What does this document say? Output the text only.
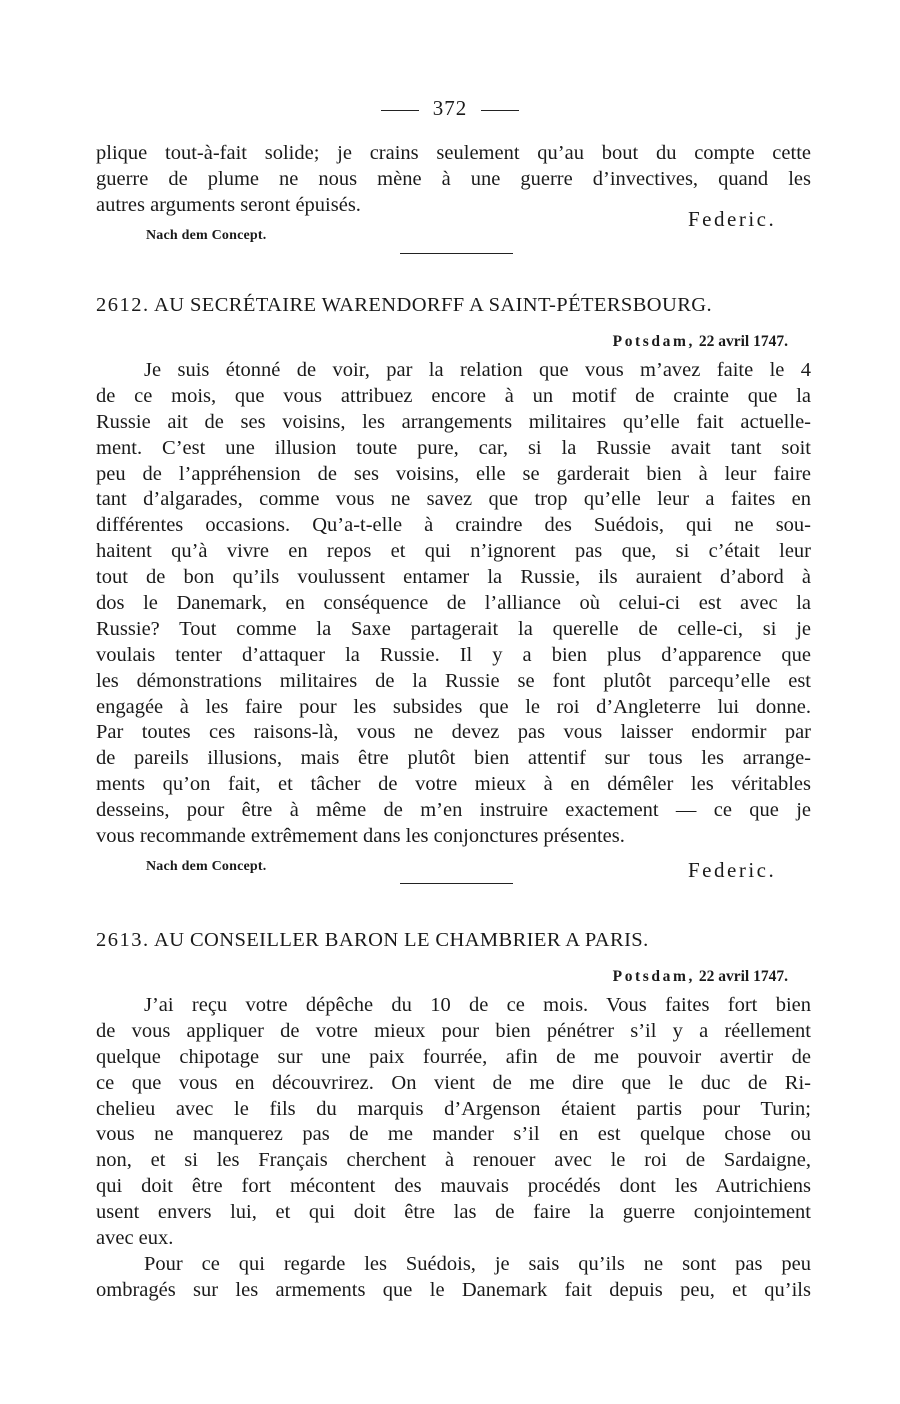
372
plique tout-à-fait solide; je crains seulement qu’au bout du compte cette
guerre de plume ne nous mène à une guerre d’invectives, quand les
autres arguments seront épuisés.
Federic.
Nach dem Concept.
2612. AU SECRÉTAIRE WARENDORFF A SAINT-PÉTERSBOURG.
Potsdam, 22 avril 1747.
Je suis étonné de voir, par la relation que vous m’avez faite le 4
de ce mois, que vous attribuez encore à un motif de crainte que la
Russie ait de ses voisins, les arrangements militaires qu’elle fait actuelle-
ment. C’est une illusion toute pure, car, si la Russie avait tant soit
peu de l’appréhension de ses voisins, elle se garderait bien à leur faire
tant d’algarades, comme vous ne savez que trop qu’elle leur a faites en
différentes occasions. Qu’a-t-elle à craindre des Suédois, qui ne sou-
haitent qu’à vivre en repos et qui n’ignorent pas que, si c’était leur
tout de bon qu’ils voulussent entamer la Russie, ils auraient d’abord à
dos le Danemark, en conséquence de l’alliance où celui-ci est avec la
Russie? Tout comme la Saxe partagerait la querelle de celle-ci, si je
voulais tenter d’attaquer la Russie. Il y a bien plus d’apparence que
les démonstrations militaires de la Russie se font plutôt parcequ’elle est
engagée à les faire pour les subsides que le roi d’Angleterre lui donne.
Par toutes ces raisons-là, vous ne devez pas vous laisser endormir par
de pareils illusions, mais être plutôt bien attentif sur tous les arrange-
ments qu’on fait, et tâcher de votre mieux à en démêler les véritables
desseins, pour être à même de m’en instruire exactement — ce que je
vous recommande extrêmement dans les conjonctures présentes.
Nach dem Concept.	Federic.
2613. AU CONSEILLER BARON LE CHAMBRIER A PARIS.
Potsdam, 22 avril 1747.
J’ai reçu votre dépêche du 10 de ce mois. Vous faites fort bien
de vous appliquer de votre mieux pour bien pénétrer s’il y a réellement
quelque chipotage sur une paix fourrée, afin de me pouvoir avertir de
ce que vous en découvrirez. On vient de me dire que le duc de Ri-
chelieu avec le fils du marquis d’Argenson étaient partis pour Turin;
vous ne manquerez pas de me mander s’il en est quelque chose ou
non, et si les Français cherchent à renouer avec le roi de Sardaigne,
qui doit être fort mécontent des mauvais procédés dont les Autrichiens
usent envers lui, et qui doit être las de faire la guerre conjointement
avec eux.
Pour ce qui regarde les Suédois, je sais qu’ils ne sont pas peu
ombragés sur les armements que le Danemark fait depuis peu, et qu’ils
